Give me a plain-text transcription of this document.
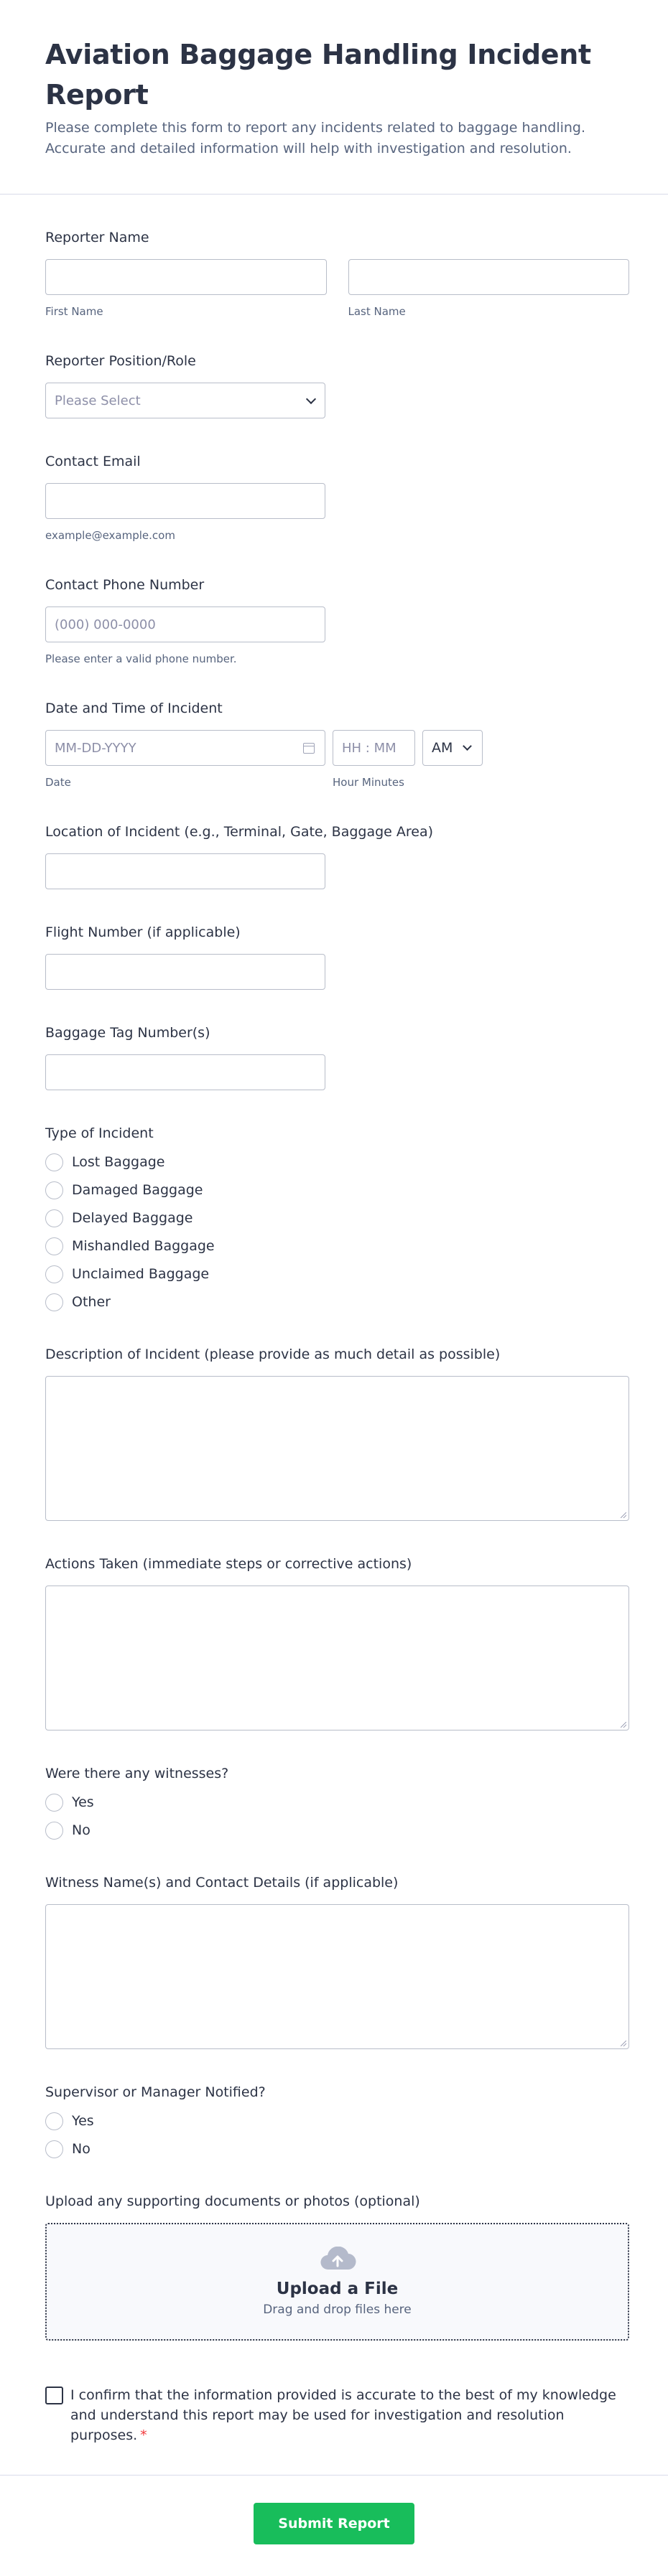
Aviation Baggage Handling Incident Report

Please complete this form to report any incidents related to baggage handling. Accurate and detailed information will help with investigation and resolution.

Reporter Name
First Name	Last Name
Reporter Position/Role
Please Select
Contact Email
example@example.com
Contact Phone Number
(000) 000-0000
Please enter a valid phone number.
Date and Time of Incident
MM-DD-YYYY	HH : MM	AM
Date	Hour Minutes
Location of Incident (e.g., Terminal, Gate, Baggage Area)
Flight Number (if applicable)
Baggage Tag Number(s)
Type of Incident
Lost Baggage
Damaged Baggage
Delayed Baggage
Mishandled Baggage
Unclaimed Baggage
Other
Description of Incident (please provide as much detail as possible)
Actions Taken (immediate steps or corrective actions)
Were there any witnesses?
Yes
No
Witness Name(s) and Contact Details (if applicable)
Supervisor or Manager Notified?
Yes
No
Upload any supporting documents or photos (optional)
Upload a File
Drag and drop files here
I confirm that the information provided is accurate to the best of my knowledge and understand this report may be used for investigation and resolution purposes. *
Submit Report
